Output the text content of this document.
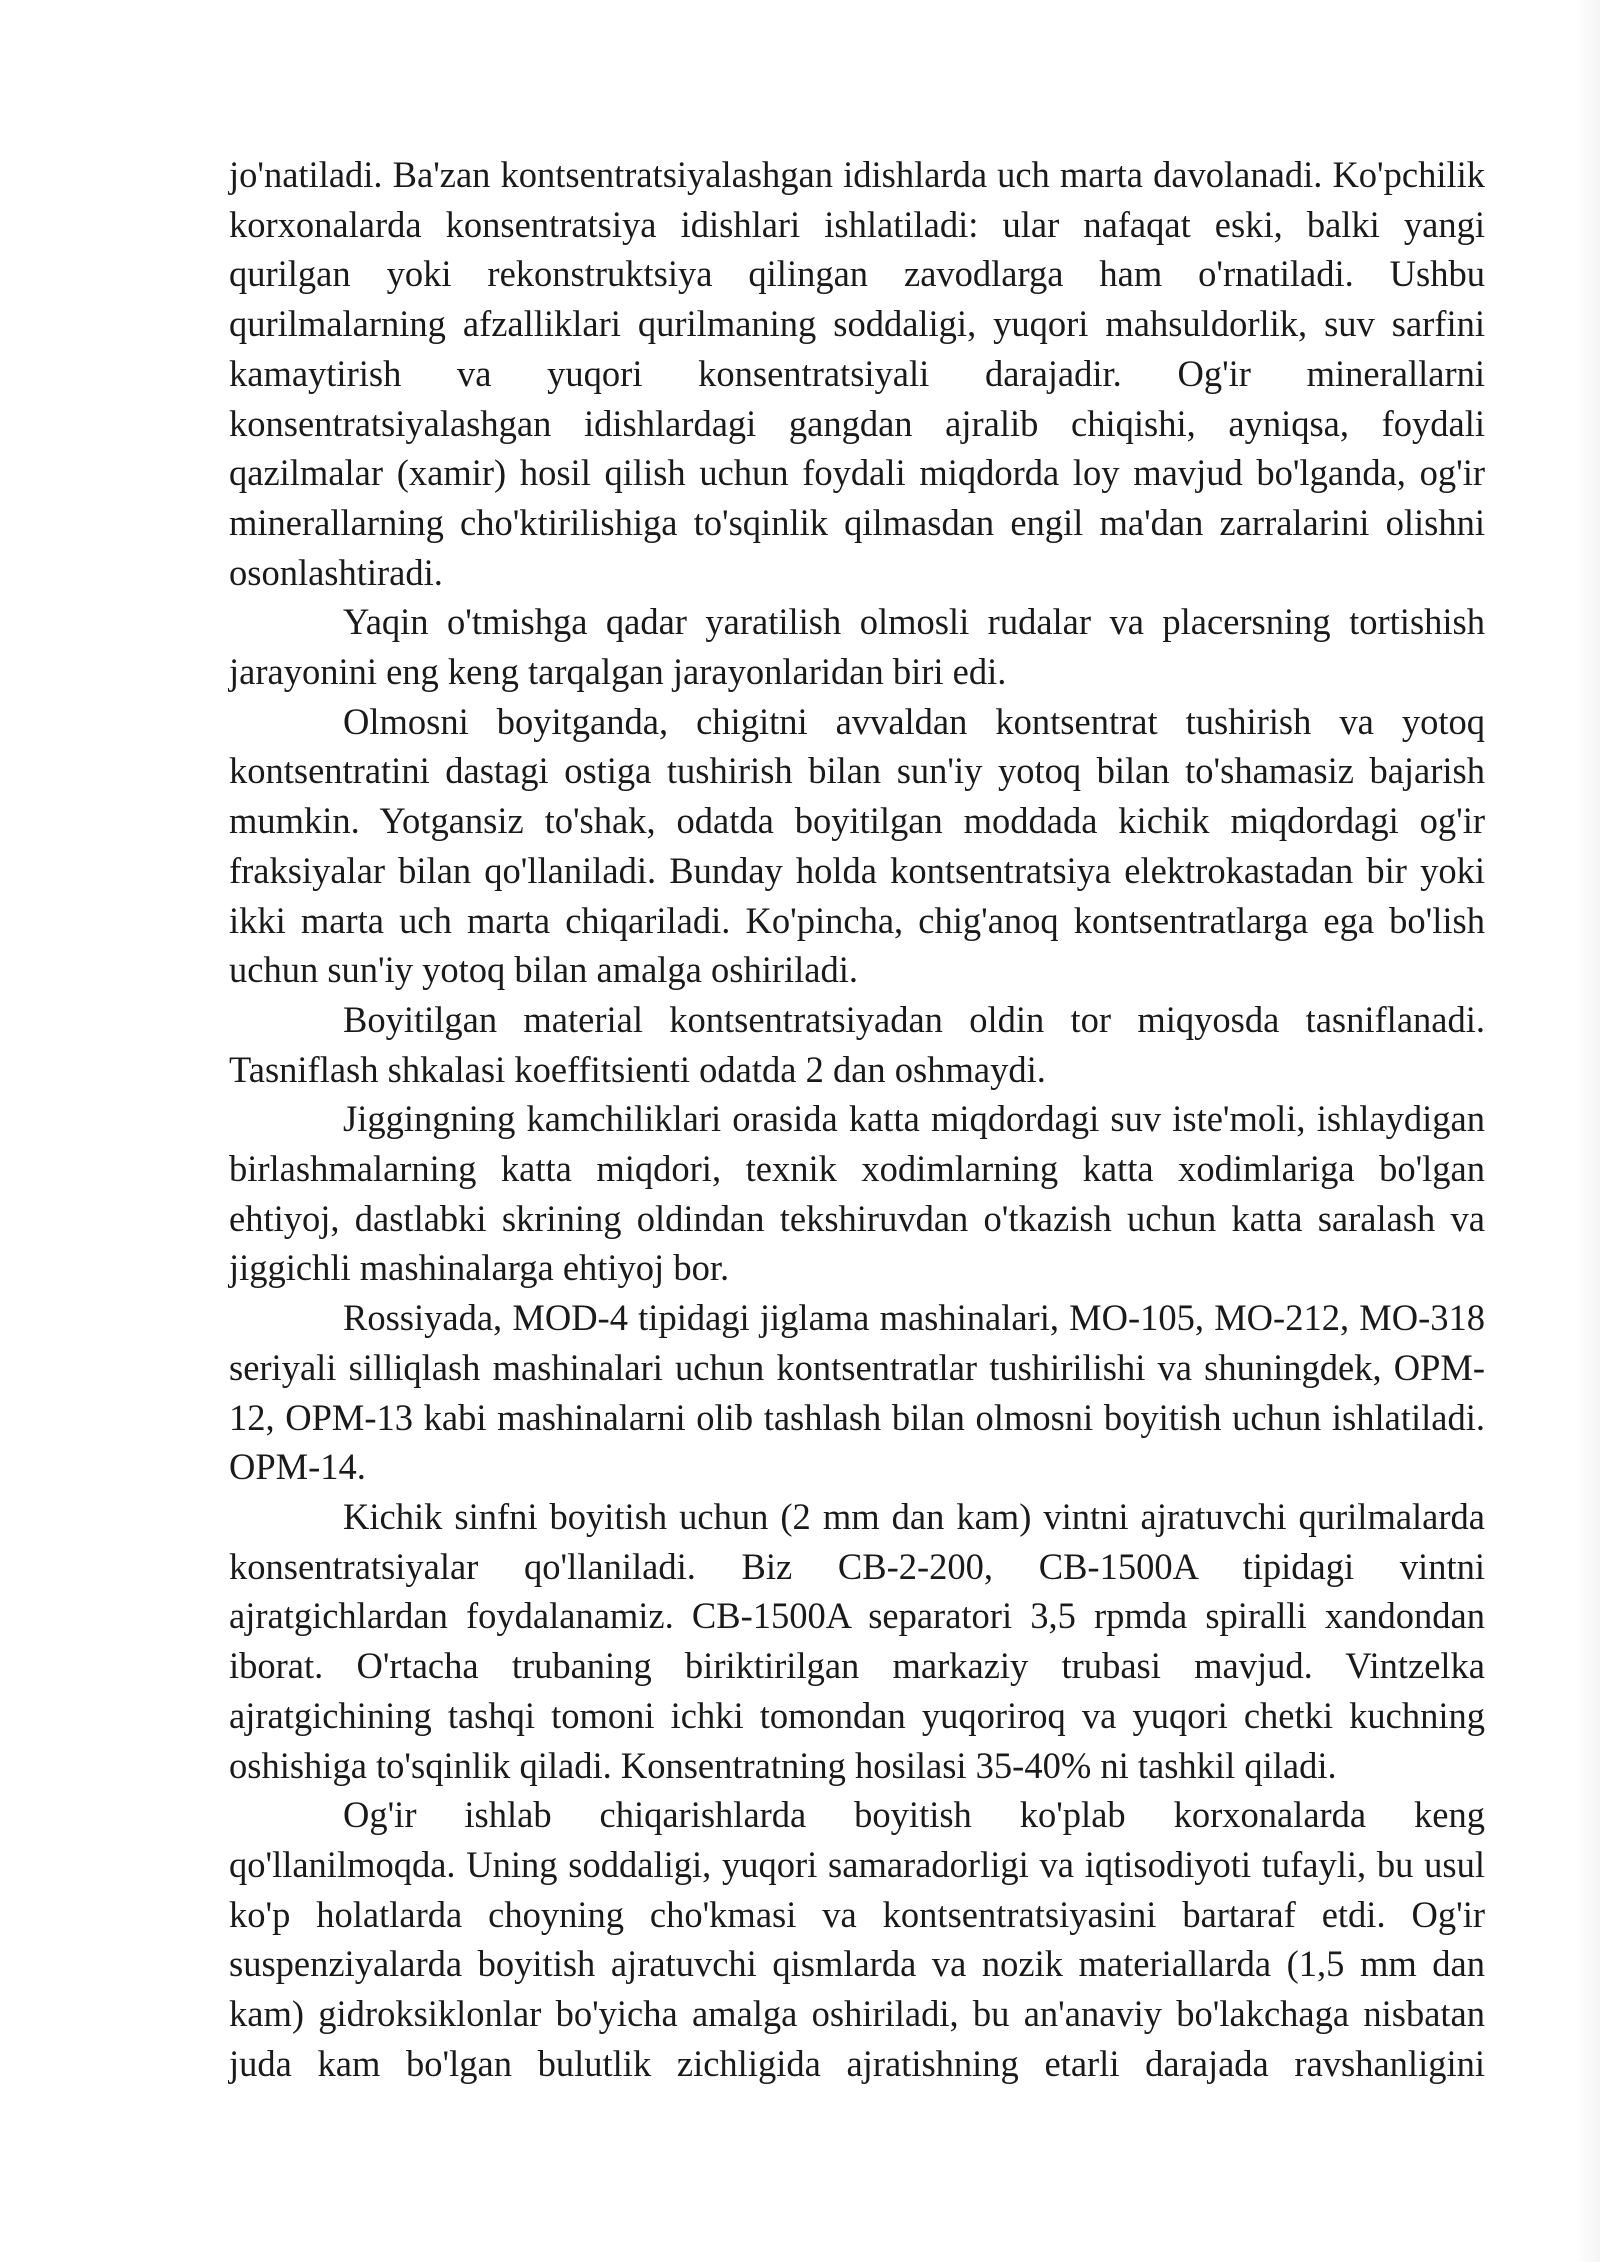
jo'natiladi. Ba'zan kontsentratsiyalashgan idishlarda uch marta davolanadi. Ko'pchilik korxonalarda konsentratsiya idishlari ishlatiladi: ular nafaqat eski, balki yangi qurilgan yoki rekonstruktsiya qilingan zavodlarga ham o'rnatiladi. Ushbu qurilmalarning afzalliklari qurilmaning soddaligi, yuqori mahsuldorlik, suv sarfini kamaytirish va yuqori konsentratsiyali darajadir. Og'ir minerallarni konsentratsiyalashgan idishlardagi gangdan ajralib chiqishi, ayniqsa, foydali qazilmalar (xamir) hosil qilish uchun foydali miqdorda loy mavjud bo'lganda, og'ir minerallarning cho'ktirilishiga to'sqinlik qilmasdan engil ma'dan zarralarini olishni osonlashtiradi.

Yaqin o'tmishga qadar yaratilish olmosli rudalar va placersning tortishish jarayonini eng keng tarqalgan jarayonlaridan biri edi.

Olmosni boyitganda, chigitni avvaldan kontsentrat tushirish va yotoq kontsentratini dastagi ostiga tushirish bilan sun'iy yotoq bilan to'shamasiz bajarish mumkin. Yotgansiz to'shak, odatda boyitilgan moddada kichik miqdordagi og'ir fraksiyalar bilan qo'llaniladi. Bunday holda kontsentratsiya elektrokastadan bir yoki ikki marta uch marta chiqariladi. Ko'pincha, chig'anoq kontsentratlarga ega bo'lish uchun sun'iy yotoq bilan amalga oshiriladi.

Boyitilgan material kontsentratsiyadan oldin tor miqyosda tasniflanadi. Tasniflash shkalasi koeffitsienti odatda 2 dan oshmaydi.

Jiggingning kamchiliklari orasida katta miqdordagi suv iste'moli, ishlaydigan birlashmalarning katta miqdori, texnik xodimlarning katta xodimlariga bo'lgan ehtiyoj, dastlabki skrining oldindan tekshiruvdan o'tkazish uchun katta saralash va jiggichli mashinalarga ehtiyoj bor.

Rossiyada, MOD-4 tipidagi jiglama mashinalari, MO-105, MO-212, MO-318 seriyali silliqlash mashinalari uchun kontsentratlar tushirilishi va shuningdek, OPM-12, OPM-13 kabi mashinalarni olib tashlash bilan olmosni boyitish uchun ishlatiladi. OPM-14.

Kichik sinfni boyitish uchun (2 mm dan kam) vintni ajratuvchi qurilmalarda konsentratsiyalar qo'llaniladi. Biz CB-2-200, CB-1500A tipidagi vintni ajratgichlardan foydalanamiz. CB-1500A separatori 3,5 rpmda spiralli xandondan iborat. O'rtacha trubaning biriktirilgan markaziy trubasi mavjud. Vintzelka ajratgichining tashqi tomoni ichki tomondan yuqoriroq va yuqori chetki kuchning oshishiga to'sqinlik qiladi. Konsentratning hosilasi 35-40% ni tashkil qiladi.

Og'ir ishlab chiqarishlarda boyitish ko'plab korxonalarda keng qo'llanilmoqda. Uning soddaligi, yuqori samaradorligi va iqtisodiyoti tufayli, bu usul ko'p holatlarda choyning cho'kmasi va kontsentratsiyasini bartaraf etdi. Og'ir suspenziyalarda boyitish ajratuvchi qismlarda va nozik materiallarda (1,5 mm dan kam) gidroksiklonlar bo'yicha amalga oshiriladi, bu an'anaviy bo'lakchaga nisbatan juda kam bo'lgan bulutlik zichligida ajratishning etarli darajada ravshanligini
